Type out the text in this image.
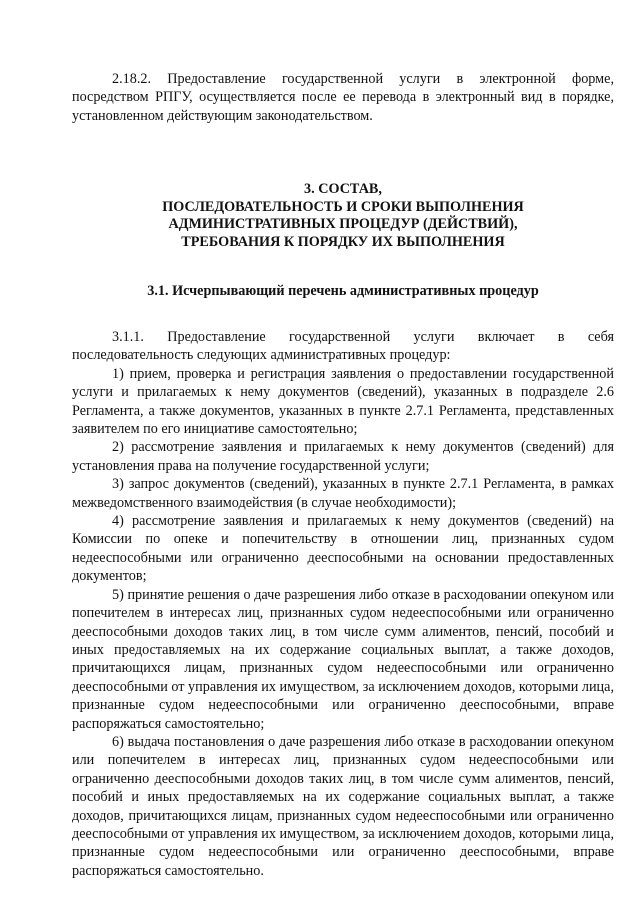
2.18.2. Предоставление государственной услуги в электронной форме, посредством РПГУ, осуществляется после ее перевода в электронный вид в порядке, установленном действующим законодательством.

3. СОСТАВ,
ПОСЛЕДОВАТЕЛЬНОСТЬ И СРОКИ ВЫПОЛНЕНИЯ
АДМИНИСТРАТИВНЫХ ПРОЦЕДУР (ДЕЙСТВИЙ),
ТРЕБОВАНИЯ К ПОРЯДКУ ИХ ВЫПОЛНЕНИЯ
3.1. Исчерпывающий перечень административных процедур

3.1.1. Предоставление государственной услуги включает в себя последовательность следующих административных процедур:

1) прием, проверка и регистрация заявления о предоставлении государственной услуги и прилагаемых к нему документов (сведений), указанных в подразделе 2.6 Регламента, а также документов, указанных в пункте 2.7.1 Регламента, представленных заявителем по его инициативе самостоятельно;

2) рассмотрение заявления и прилагаемых к нему документов (сведений) для установления права на получение государственной услуги;

3) запрос документов (сведений), указанных в пункте 2.7.1 Регламента, в рамках межведомственного взаимодействия (в случае необходимости);

4) рассмотрение заявления и прилагаемых к нему документов (сведений) на Комиссии по опеке и попечительству в отношении лиц, признанных судом недееспособными или ограниченно дееспособными на основании предоставленных документов;

5) принятие решения о даче разрешения либо отказе в расходовании опекуном или попечителем в интересах лиц, признанных судом недееспособными или ограниченно дееспособными доходов таких лиц, в том числе сумм алиментов, пенсий, пособий и иных предоставляемых на их содержание социальных выплат, а также доходов, причитающихся лицам, признанных судом недееспособными или ограниченно дееспособными от управления их имуществом, за исключением доходов, которыми лица, признанные судом недееспособными или ограниченно дееспособными, вправе распоряжаться самостоятельно;

6) выдача постановления о даче разрешения либо отказе в расходовании опекуном или попечителем в интересах лиц, признанных судом недееспособными или ограниченно дееспособными доходов таких лиц, в том числе сумм алиментов, пенсий, пособий и иных предоставляемых на их содержание социальных выплат, а также доходов, причитающихся лицам, признанных судом недееспособными или ограниченно дееспособными от управления их имуществом, за исключением доходов, которыми лица, признанные судом недееспособными или ограниченно дееспособными, вправе распоряжаться самостоятельно.
